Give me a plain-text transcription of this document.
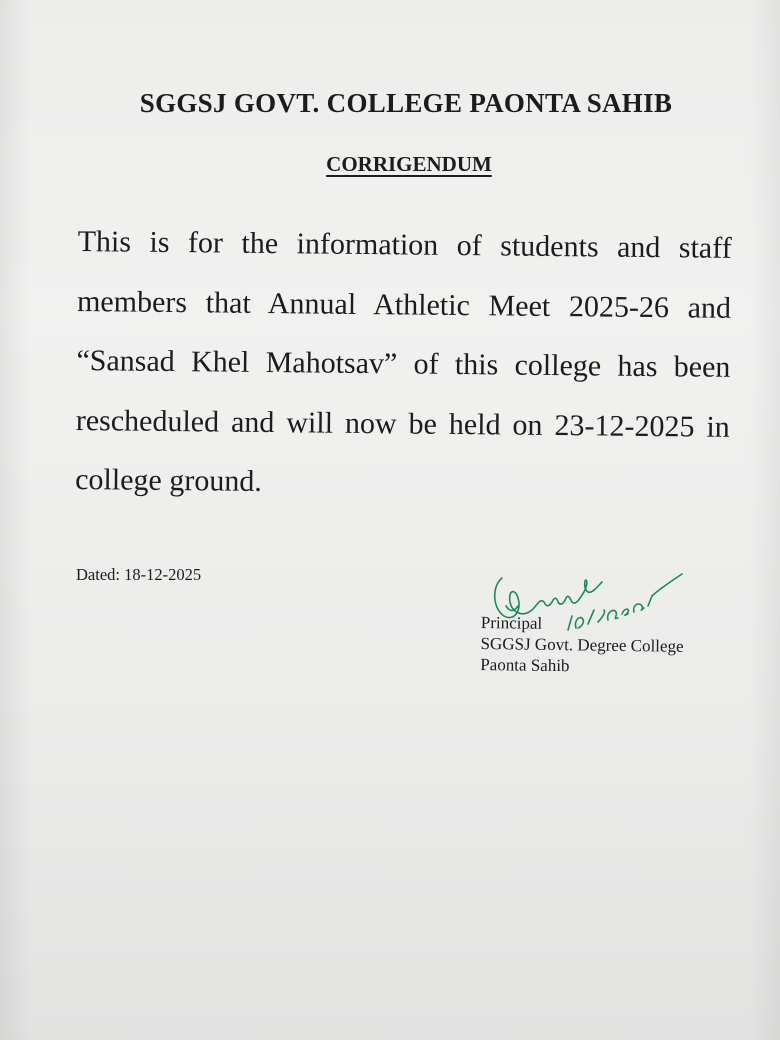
SGGSJ GOVT. COLLEGE PAONTA SAHIB
CORRIGENDUM
This is for the information of students and staff members that Annual Athletic Meet 2025-26 and “Sansad Khel Mahotsav” of this college has been rescheduled and will now be held on 23-12-2025 in college ground.
Dated: 18-12-2025
Principal
SGGSJ Govt. Degree College
Paonta Sahib
